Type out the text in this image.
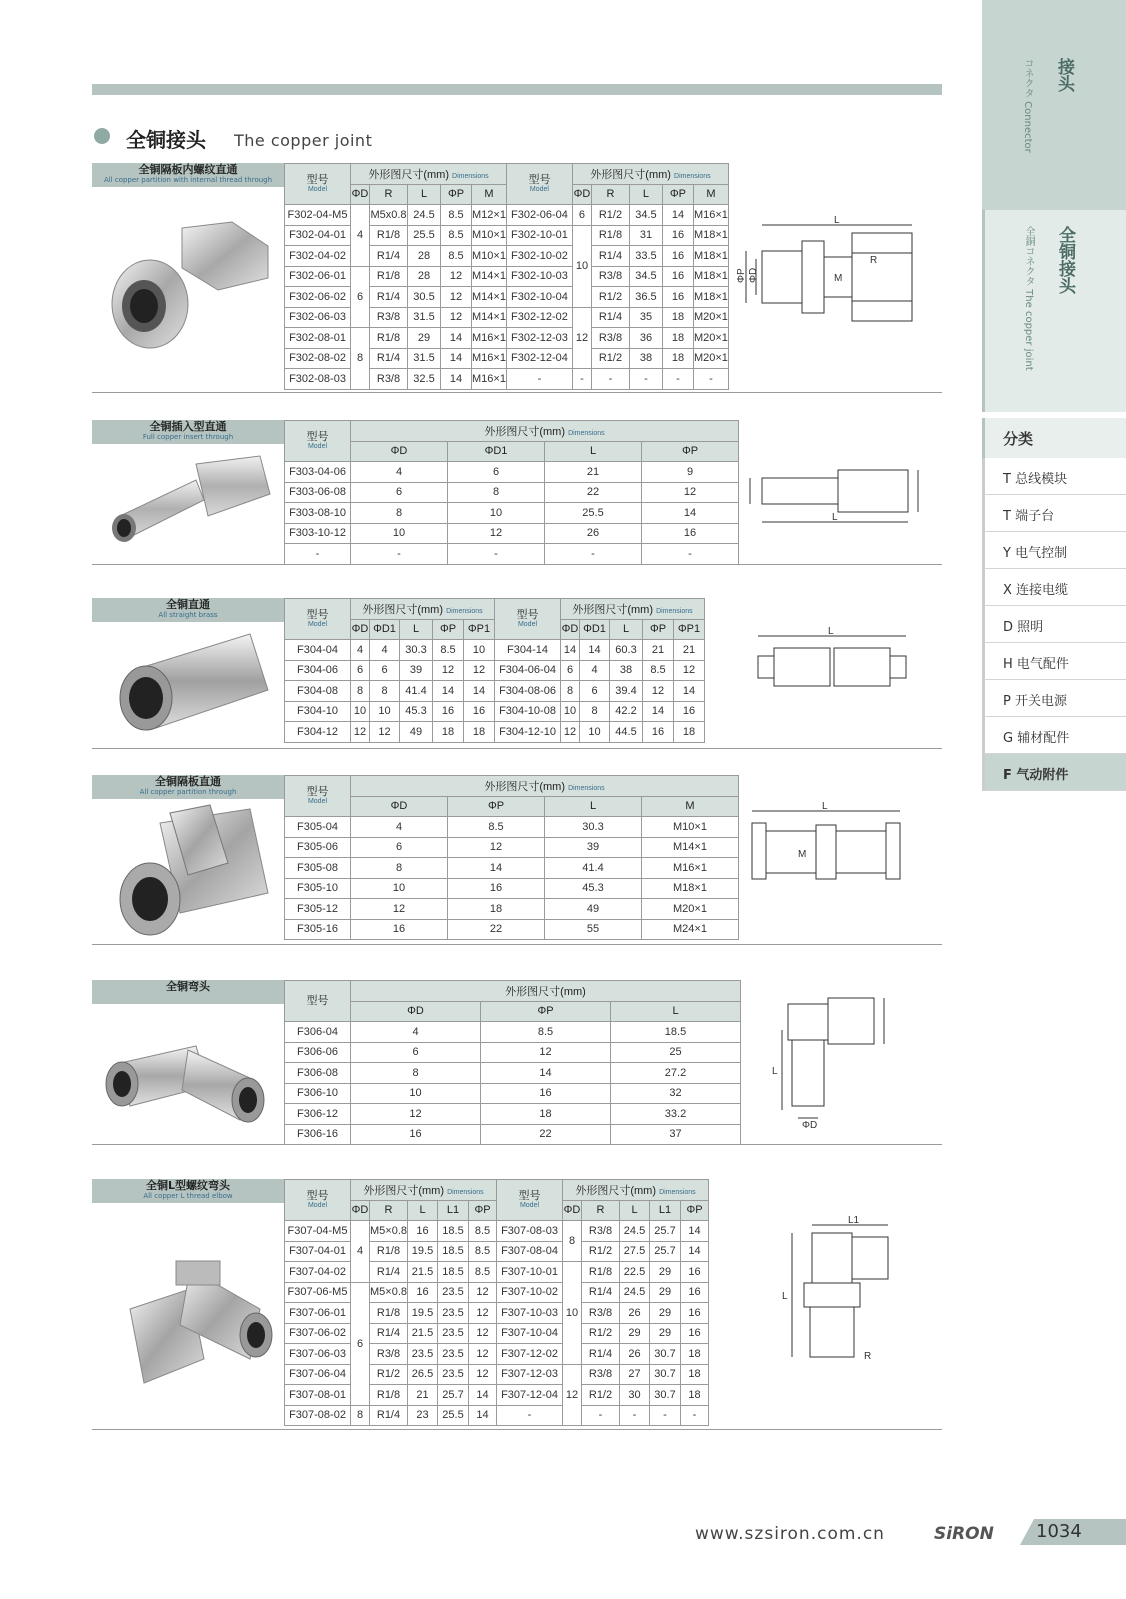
全铜接头 The copper joint
接头
コネクタ Connector
全铜接头
全銅コネクタ The copper joint
分类
T 总线模块
T 端子台
Y 电气控制
X 连接电缆
D 照明
H 电气配件
P 开关电源
G 辅材配件
F 气动附件
全铜隔板内螺纹直通
All copper partition with internal thread through	型号
Model	外形图尺寸(mm) Dimensions					型号
Model	外形图尺寸(mm) Dimensions				
	ΦD	R	L	ΦP	M		ΦD	R	L	ΦP	M
F302-04-M5	4	M5x0.8	24.5	8.5	M12×1	F302-06-04	6	R1/2	34.5	14	M16×1
F302-04-01		R1/8	25.5	8.5	M10×1	F302-10-01	10	R1/8	31	16	M18×1
F302-04-02		R1/4	28	8.5	M10×1	F302-10-02		R1/4	33.5	16	M18×1
F302-06-01	6	R1/8	28	12	M14×1	F302-10-03		R3/8	34.5	16	M18×1
F302-06-02		R1/4	30.5	12	M14×1	F302-10-04		R1/2	36.5	16	M18×1
F302-06-03		R3/8	31.5	12	M14×1	F302-12-02	12	R1/4	35	18	M20×1
F302-08-01	8	R1/8	29	14	M16×1	F302-12-03		R3/8	36	18	M20×1
F302-08-02		R1/4	31.5	14	M16×1	F302-12-04		R1/2	38	18	M20×1
F302-08-03		R3/8	32.5	14	M16×1	-	-	-	-	-	-
L
R
M
ΦP ΦD
全铜插入型直通
Full copper insert through	型号
Model	外形图尺寸(mm) Dimensions			
	ΦD	ΦD1	L	ΦP
F303-04-06	4	6	21	9
F303-06-08	6	8	22	12
F303-08-10	8	10	25.5	14
F303-10-12	10	12	26	16
-	-	-	-	-
L
全铜直通
All straight brass	型号
Model	外形图尺寸(mm) Dimensions					型号
Model	外形图尺寸(mm) Dimensions				
	ΦD	ΦD1	L	ΦP	ΦP1		ΦD	ΦD1	L	ΦP	ΦP1
F304-04	4	4	30.3	8.5	10	F304-14	14	14	60.3	21	21
F304-06	6	6	39	12	12	F304-06-04	6	4	38	8.5	12
F304-08	8	8	41.4	14	14	F304-08-06	8	6	39.4	12	14
F304-10	10	10	45.3	16	16	F304-10-08	10	8	42.2	14	16
F304-12	12	12	49	18	18	F304-12-10	12	10	44.5	16	18
L
全铜隔板直通
All copper partition through	型号
Model	外形图尺寸(mm) Dimensions			
	ΦD	ΦP	L	M
F305-04	4	8.5	30.3	M10×1
F305-06	6	12	39	M14×1
F305-08	8	14	41.4	M16×1
F305-10	10	16	45.3	M18×1
F305-12	12	18	49	M20×1
F305-16	16	22	55	M24×1
L
M
全铜弯头
型号	外形图尺寸(mm)		
	ΦD	ΦP	L
F306-04	4	8.5	18.5
F306-06	6	12	25
F306-08	8	14	27.2
F306-10	10	16	32
F306-12	12	18	33.2
F306-16	16	22	37
L
ΦD
全铜L型螺纹弯头
All copper L thread elbow	型号
Model	外形图尺寸(mm) Dimensions					型号
Model	外形图尺寸(mm) Dimensions				
	ΦD	R	L	L1	ΦP		ΦD	R	L	L1	ΦP
F307-04-M5	4	M5×0.8	16	18.5	8.5	F307-08-03	8	R3/8	24.5	25.7	14
F307-04-01		R1/8	19.5	18.5	8.5	F307-08-04		R1/2	27.5	25.7	14
F307-04-02		R1/4	21.5	18.5	8.5	F307-10-01	10	R1/8	22.5	29	16
F307-06-M5	6	M5×0.8	16	23.5	12	F307-10-02		R1/4	24.5	29	16
F307-06-01		R1/8	19.5	23.5	12	F307-10-03		R3/8	26	29	16
F307-06-02		R1/4	21.5	23.5	12	F307-10-04		R1/2	29	29	16
F307-06-03		R3/8	23.5	23.5	12	F307-12-02		R1/4	26	30.7	18
F307-06-04		R1/2	26.5	23.5	12	F307-12-03	12	R3/8	27	30.7	18
F307-08-01		R1/8	21	25.7	14	F307-12-04		R1/2	30	30.7	18
F307-08-02	8	R1/4	23	25.5	14	-		-	-	-	-
L1
L
R
www.szsiron.com.cn	SiRON 1034
